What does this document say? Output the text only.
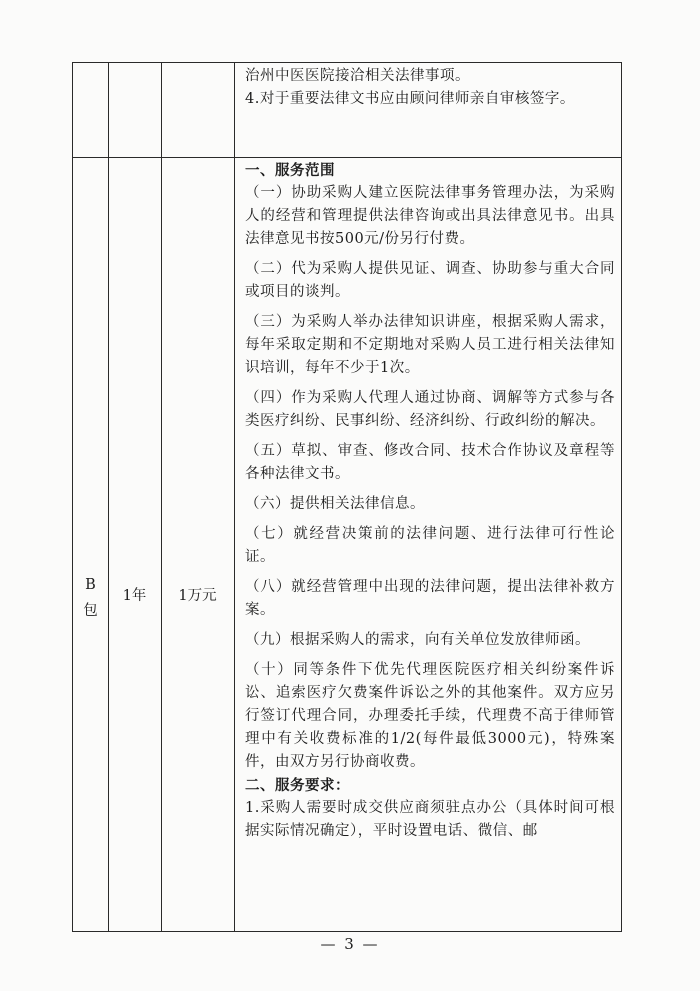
治州中医医院接洽相关法律事项。

4.对于重要法律文书应由顾问律师亲自审核签字。

B
包
1年	1万元

一、服务范围

（一）协助采购人建立医院法律事务管理办法，为采购人的经营和管理提供法律咨询或出具法律意见书。出具法律意见书按500元/份另行付费。

（二）代为采购人提供见证、调查、协助参与重大合同或项目的谈判。

（三）为采购人举办法律知识讲座，根据采购人需求，每年采取定期和不定期地对采购人员工进行相关法律知识培训，每年不少于1次。

（四）作为采购人代理人通过协商、调解等方式参与各类医疗纠纷、民事纠纷、经济纠纷、行政纠纷的解决。

（五）草拟、审查、修改合同、技术合作协议及章程等各种法律文书。

（六）提供相关法律信息。

（七）就经营决策前的法律问题、进行法律可行性论证。

（八）就经营管理中出现的法律问题，提出法律补救方案。

（九）根据采购人的需求，向有关单位发放律师函。

（十）同等条件下优先代理医院医疗相关纠纷案件诉讼、追索医疗欠费案件诉讼之外的其他案件。双方应另行签订代理合同，办理委托手续，代理费不高于律师管理中有关收费标准的1/2(每件最低3000元)，特殊案件，由双方另行协商收费。

二、服务要求：

1.采购人需要时成交供应商须驻点办公（具体时间可根据实际情况确定），平时设置电话、微信、邮

— 3 —
